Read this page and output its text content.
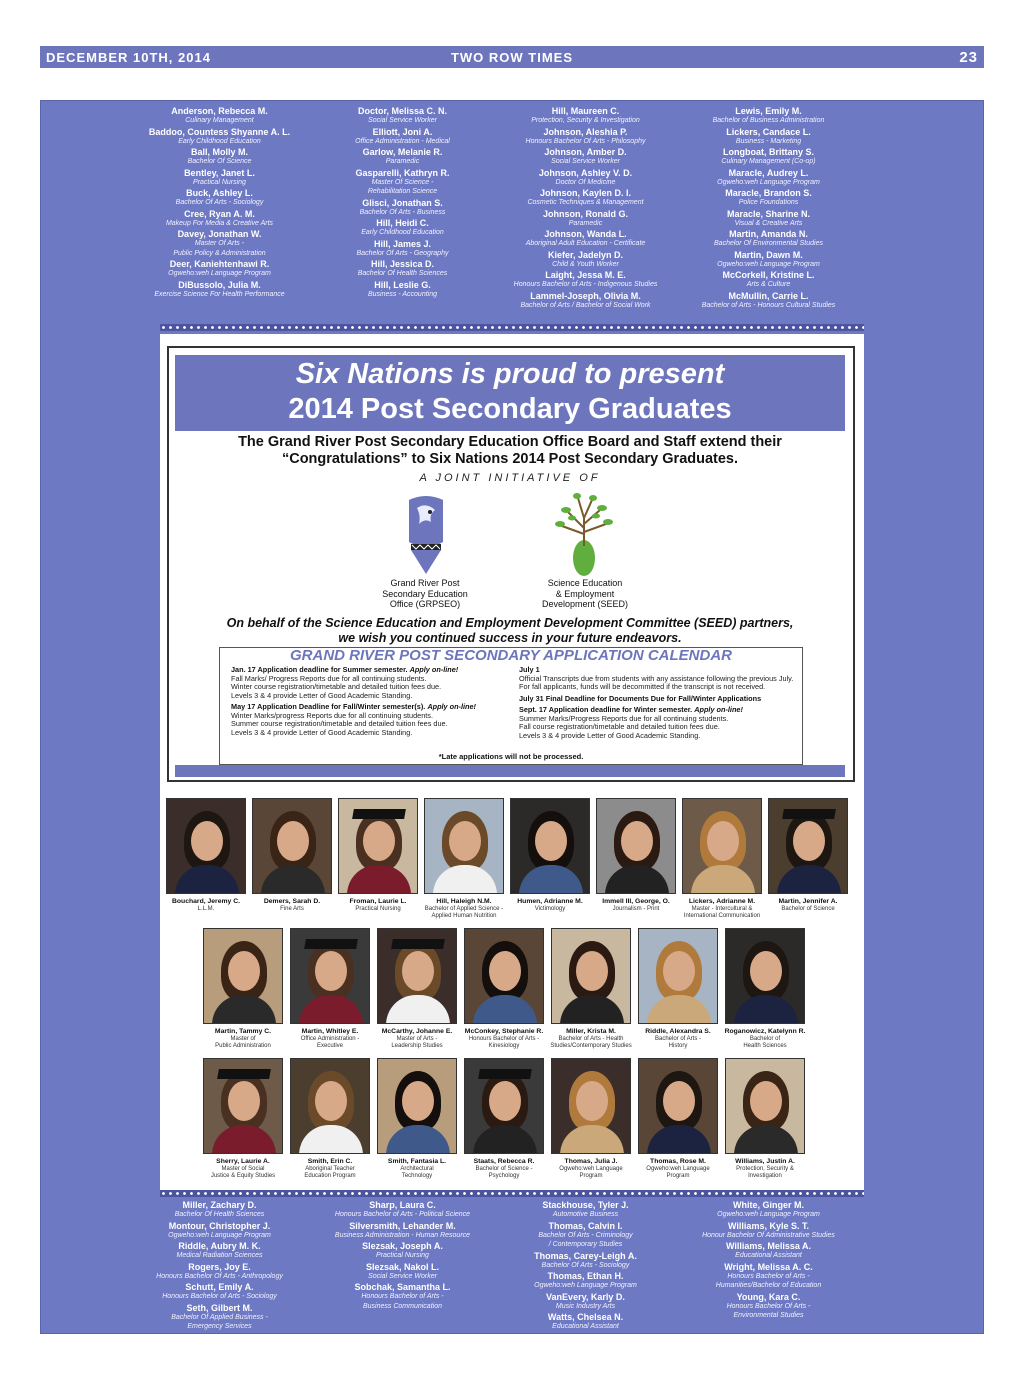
DECEMBER 10TH, 2014	TWO ROW TIMES	23
Anderson, Rebecca M.
Culinary Management
Baddoo, Countess Shyanne A. L.
Early Childhood Education
Ball, Molly M.
Bachelor Of Science
Bentley, Janet L.
Practical Nursing
Buck, Ashley L.
Bachelor Of Arts - Sociology
Cree, Ryan A. M.
Makeup For Media & Creative Arts
Davey, Jonathan W.
Master Of Arts -
Public Policy & Administration
Deer, Kaniehtenhawi R.
Ogweho:weh Language Program
DiBussolo, Julia M.
Exercise Science For Health Performance
Doctor, Melissa C. N.
Social Service Worker
Elliott, Joni A.
Office Administration - Medical
Garlow, Melanie R.
Paramedic
Gasparelli, Kathryn R.
Master Of Science -
Rehabilitation Science
Glisci, Jonathan S.
Bachelor Of Arts - Business
Hill, Heidi C.
Early Childhood Education
Hill, James J.
Bachelor Of Arts - Geography
Hill, Jessica D.
Bachelor Of Health Sciences
Hill, Leslie G.
Business - Accounting
Hill, Maureen C.
Protection, Security & Investigation
Johnson, Aleshia P.
Honours Bachelor Of Arts - Philosophy
Johnson, Amber D.
Social Service Worker
Johnson, Ashley V. D.
Doctor Of Medicine
Johnson, Kaylen D. I.
Cosmetic Techniques & Management
Johnson, Ronald G.
Paramedic
Johnson, Wanda L.
Aboriginal Adult Education - Certificate
Kiefer, Jadelyn D.
Child & Youth Worker
Laight, Jessa M. E.
Honours Bachelor of Arts - Indigenous Studies
Lammel-Joseph, Olivia M.
Bachelor of Arts / Bachelor of Social Work
Lewis, Emily M.
Bachelor of Business Administration
Lickers, Candace L.
Business - Marketing
Longboat, Brittany S.
Culinary Management (Co-op)
Maracle, Audrey L.
Ogweho:weh Language Program
Maracle, Brandon S.
Police Foundations
Maracle, Sharine N.
Visual & Creative Arts
Martin, Amanda N.
Bachelor Of Environmental Studies
Martin, Dawn M.
Ogweho:weh Language Program
McCorkell, Kristine L.
Arts & Culture
McMullin, Carrie L.
Bachelor of Arts - Honours Cultural Studies
Six Nations is proud to present
2014 Post Secondary Graduates
The Grand River Post Secondary Education Office Board and Staff extend their
“Congratulations” to Six Nations 2014 Post Secondary Graduates.
A JOINT INITIATIVE OF
Grand River Post
Secondary Education
Office (GRPSEO)
Science Education
& Employment
Development (SEED)
On behalf of the Science Education and Employment Development Committee (SEED) partners,
we wish you continued success in your future endeavors.
GRAND RIVER POST SECONDARY APPLICATION CALENDAR
Jan. 17 Application deadline for Summer semester. Apply on-line!
Fall Marks/ Progress Reports due for all continuing students.
Winter course registration/timetable and detailed tuition fees due.
Levels 3 & 4 provide Letter of Good Academic Standing.
May 17 Application Deadline for Fall/Winter semester(s). Apply on-line!
Winter Marks/progress Reports due for all continuing students.
Summer course registration/timetable and detailed tuition fees due.
Levels 3 & 4 provide Letter of Good Academic Standing.
July 1
Official Transcripts due from students with any assistance following the previous July. For fall applicants, funds will be decommitted if the transcript is not received.
July 31 Final Deadline for Documents Due for Fall/Winter Applications
Sept. 17 Application deadline for Winter semester. Apply on-line!
Summer Marks/Progress Reports due for all continuing students.
Fall course registration/timetable and detailed tuition fees due.
Levels 3 & 4 provide Letter of Good Academic Standing.
*Late applications will not be processed.
Bouchard, Jeremy C.
L.L.M.
Demers, Sarah D.
Fine Arts
Froman, Laurie L.
Practical Nursing
Hill, Haleigh N.M.
Bachelor of Applied Science -
Applied Human Nutrition
Humen, Adrianne M.
Victimology
Immell III, George, O.
Journalism - Print
Lickers, Adrianne M.
Master - Intercultural &
International Communication
Martin, Jennifer A.
Bachelor of Science
Martin, Tammy C.
Master of
Public Administration
Martin, Whitley E.
Office Administration -
Executive
McCarthy, Johanne E.
Master of Arts -
Leadership Studies
McConkey, Stephanie R.
Honours Bachelor of Arts -
Kinesiology
Miller, Krista M.
Bachelor of Arts - Health
Studies/Contemporary Studies
Riddle, Alexandra S.
Bachelor of Arts -
History
Roganowicz, Katelynn R.
Bachelor of
Health Sciences
Sherry, Laurie A.
Master of Social
Justice & Equity Studies
Smith, Erin C.
Aboriginal Teacher
Education Program
Smith, Fantasia L.
Architectural
Technology
Staats, Rebecca R.
Bachelor of Science -
Psychology
Thomas, Julia J.
Ogweho:weh Language
Program
Thomas, Rose M.
Ogweho:weh Language
Program
Williams, Justin A.
Protection, Security &
Investigation
Miller, Zachary D.
Bachelor Of Health Sciences
Montour, Christopher J.
Ogweho:weh Language Program
Riddle, Aubry M. K.
Medical Radiation Sciences
Rogers, Joy E.
Honours Bachelor Of Arts - Anthropology
Schutt, Emily A.
Honours Bachelor of Arts - Sociology
Seth, Gilbert M.
Bachelor Of Applied Business -
Emergency Services
Sharp, Laura C.
Honours Bachelor of Arts - Political Science
Silversmith, Lehander M.
Business Administration - Human Resource
Slezsak, Joseph A.
Practical Nursing
Slezsak, Nakol L.
Social Service Worker
Sobchak, Samantha L.
Honours Bachelor of Arts -
Business Communication
Stackhouse, Tyler J.
Automotive Business
Thomas, Calvin I.
Bachelor Of Arts - Criminology
/ Contemporary Studies
Thomas, Carey-Leigh A.
Bachelor Of Arts - Sociology
Thomas, Ethan H.
Ogweho:weh Language Program
VanEvery, Karly D.
Music Industry Arts
Watts, Chelsea N.
Educational Assistant
White, Ginger M.
Ogweho:weh Language Program
Williams, Kyle S. T.
Honour Bachelor Of Administrative Studies
Williams, Melissa A.
Educational Assistant
Wright, Melissa A. C.
Honours Bachelor of Arts -
Humanities/Bachelor of Education
Young, Kara C.
Honours Bachelor Of Arts -
Environmental Studies
